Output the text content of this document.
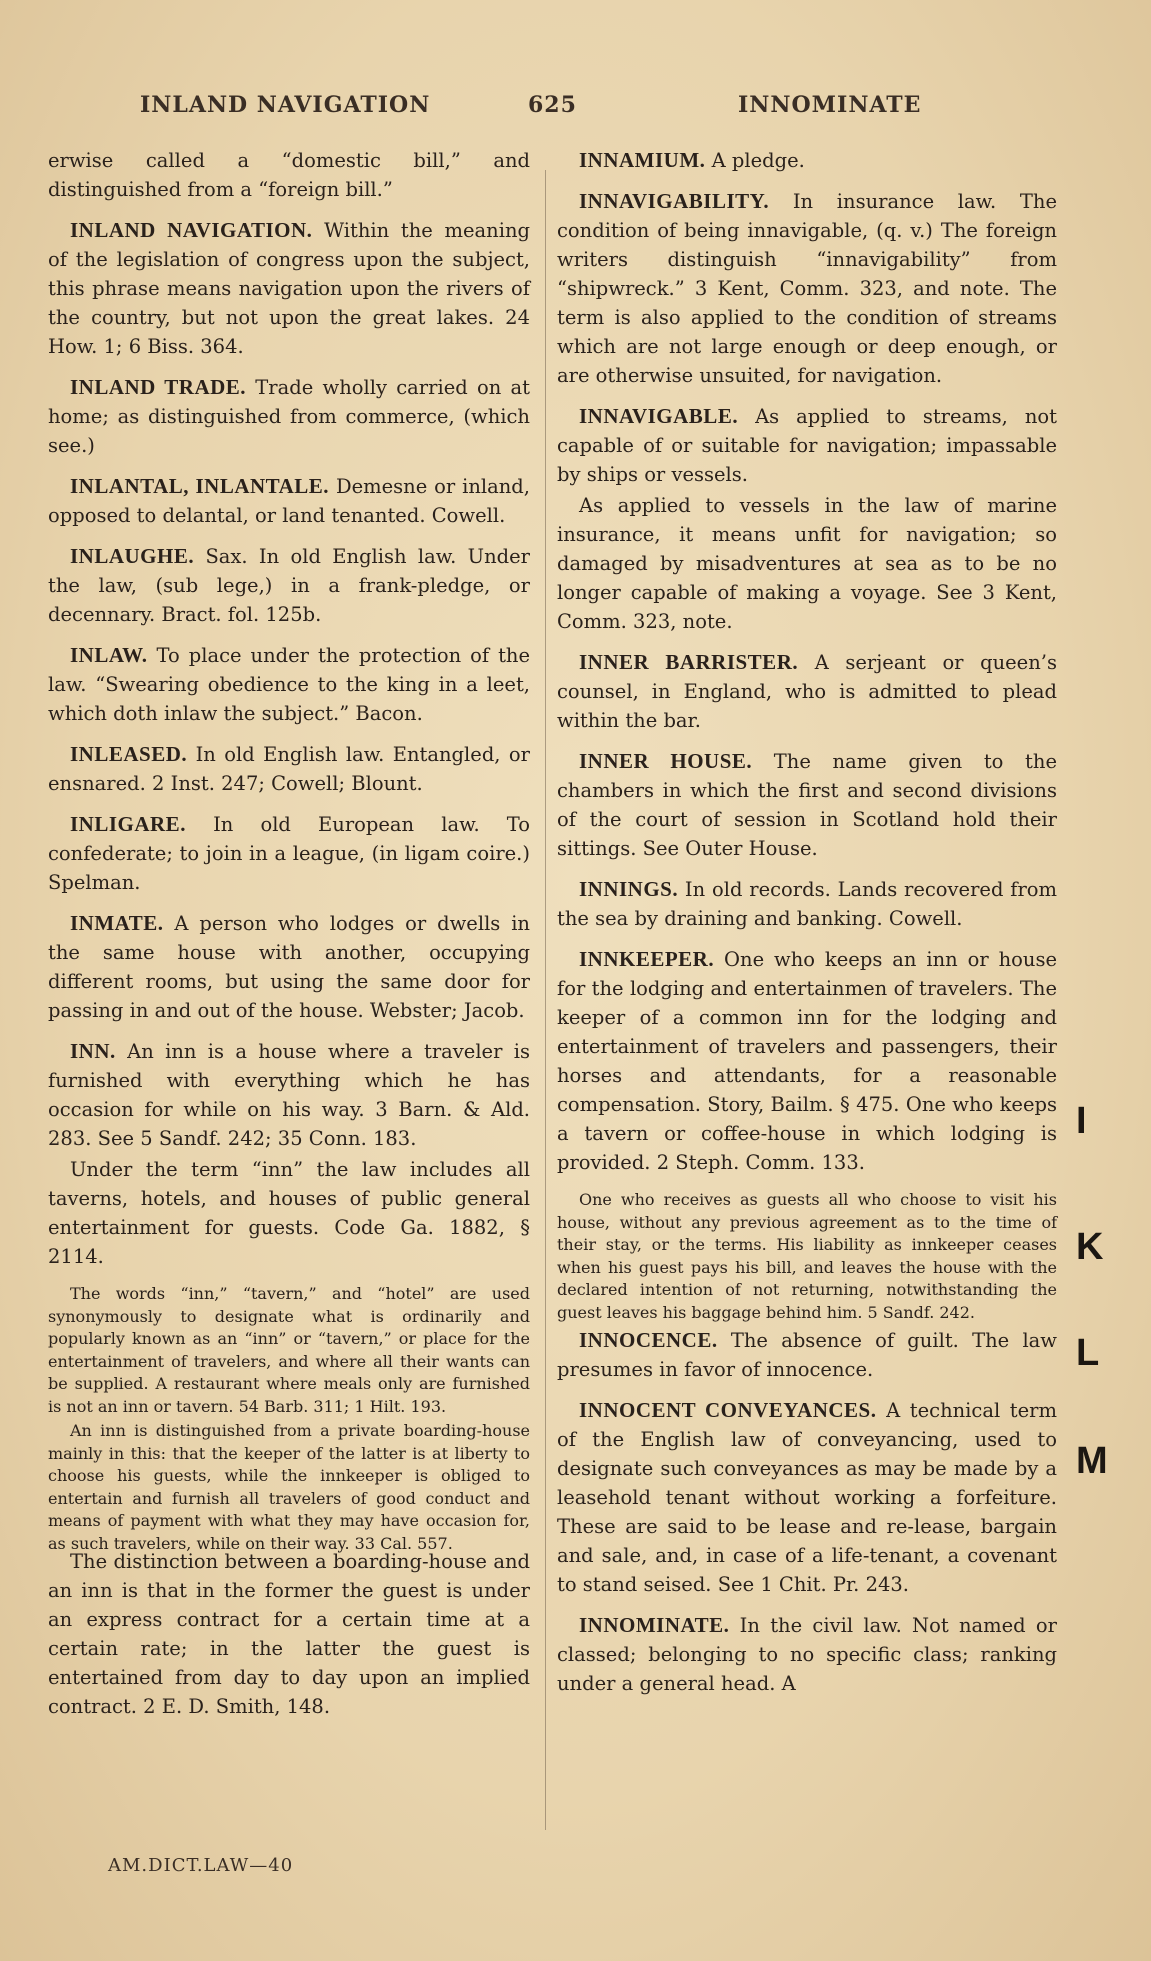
INLAND NAVIGATION	625	INNOMINATE

erwise called a “domestic bill,” and distinguished from a “foreign bill.”

INLAND NAVIGATION. Within the meaning of the legislation of congress upon the subject, this phrase means navigation upon the rivers of the country, but not upon the great lakes. 24 How. 1; 6 Biss. 364.

INLAND TRADE. Trade wholly carried on at home; as distinguished from commerce, (which see.)

INLANTAL, INLANTALE. Demesne or inland, opposed to delantal, or land tenanted. Cowell.

INLAUGHE. Sax. In old English law. Under the law, (sub lege,) in a frank-pledge, or decennary. Bract. fol. 125b.

INLAW. To place under the protection of the law. “Swearing obedience to the king in a leet, which doth inlaw the subject.” Bacon.

INLEASED. In old English law. Entangled, or ensnared. 2 Inst. 247; Cowell; Blount.

INLIGARE. In old European law. To confederate; to join in a league, (in ligam coire.) Spelman.

INMATE. A person who lodges or dwells in the same house with another, occupying different rooms, but using the same door for passing in and out of the house. Webster; Jacob.

INN. An inn is a house where a traveler is furnished with everything which he has occasion for while on his way. 3 Barn. & Ald. 283. See 5 Sandf. 242; 35 Conn. 183.

Under the term “inn” the law includes all taverns, hotels, and houses of public general entertainment for guests. Code Ga. 1882, § 2114.

The words “inn,” “tavern,” and “hotel” are used synonymously to designate what is ordinarily and popularly known as an “inn” or “tavern,” or place for the entertainment of travelers, and where all their wants can be supplied. A restaurant where meals only are furnished is not an inn or tavern. 54 Barb. 311; 1 Hilt. 193.

An inn is distinguished from a private boarding-house mainly in this: that the keeper of the latter is at liberty to choose his guests, while the innkeeper is obliged to entertain and furnish all travelers of good conduct and means of payment with what they may have occasion for, as such travelers, while on their way. 33 Cal. 557.

The distinction between a boarding-house and an inn is that in the former the guest is under an express contract for a certain time at a certain rate; in the latter the guest is entertained from day to day upon an implied contract. 2 E. D. Smith, 148.

INNAMIUM. A pledge.

INNAVIGABILITY. In insurance law. The condition of being innavigable, (q. v.) The foreign writers distinguish “innavigability” from “shipwreck.” 3 Kent, Comm. 323, and note. The term is also applied to the condition of streams which are not large enough or deep enough, or are otherwise unsuited, for navigation.

INNAVIGABLE. As applied to streams, not capable of or suitable for navigation; impassable by ships or vessels.

As applied to vessels in the law of marine insurance, it means unfit for navigation; so damaged by misadventures at sea as to be no longer capable of making a voyage. See 3 Kent, Comm. 323, note.

INNER BARRISTER. A serjeant or queen’s counsel, in England, who is admitted to plead within the bar.

INNER HOUSE. The name given to the chambers in which the first and second divisions of the court of session in Scotland hold their sittings. See Outer House.

INNINGS. In old records. Lands recovered from the sea by draining and banking. Cowell.

INNKEEPER. One who keeps an inn or house for the lodging and entertainmen of travelers. The keeper of a common inn for the lodging and entertainment of travelers and passengers, their horses and attendants, for a reasonable compensation. Story, Bailm. § 475. One who keeps a tavern or coffee-house in which lodging is provided. 2 Steph. Comm. 133.

One who receives as guests all who choose to visit his house, without any previous agreement as to the time of their stay, or the terms. His liability as innkeeper ceases when his guest pays his bill, and leaves the house with the declared intention of not returning, notwithstanding the guest leaves his baggage behind him. 5 Sandf. 242.

INNOCENCE. The absence of guilt. The law presumes in favor of innocence.

INNOCENT CONVEYANCES. A technical term of the English law of conveyancing, used to designate such conveyances as may be made by a leasehold tenant without working a forfeiture. These are said to be lease and re-lease, bargain and sale, and, in case of a life-tenant, a covenant to stand seised. See 1 Chit. Pr. 243.

INNOMINATE. In the civil law. Not named or classed; belonging to no specific class; ranking under a general head. A

AM.DICT.LAW—40
I
K
L
M
